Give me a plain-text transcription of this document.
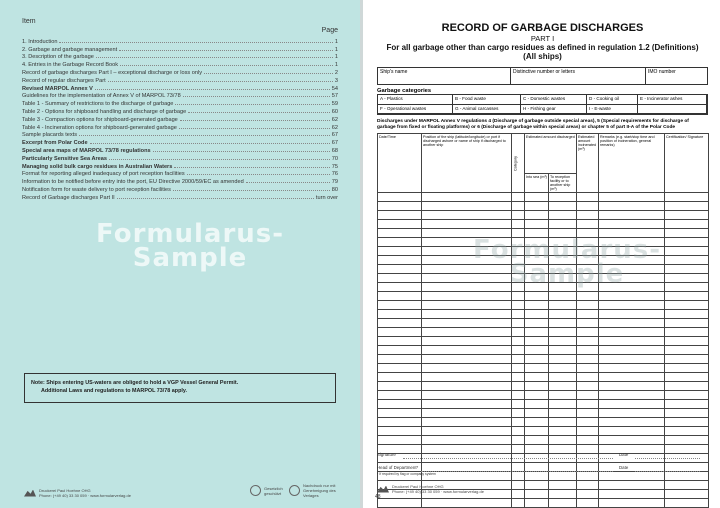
Item
Page
1. Introduction	1
2. Garbage and garbage management	1
3. Description of the garbage	1
4. Entries in the Garbage Record Book	1
Record of garbage discharges Part I – exceptional discharge or loss only	2
Record of regular discharges Part	3
Revised MARPOL Annex V	54
Guidelines for the implementation of Annex V of MARPOL 73/78	57
Table 1 - Summary of restrictions to the discharge of garbage	59
Table 2 - Options for shipboard handling and discharge of garbage	60
Table 3 - Compaction options for shipboard-generated garbage	62
Table 4 - Incineration options for shipboard-generated garbage	62
Sample placards texts	67
Excerpt from Polar Code	67
Special area maps of MARPOL 73/78 regulations	68
Particularly Sensitive Sea Areas	70
Managing solid bulk cargo residues in Australian Waters	75
Format for reporting alleged inadequacy of port reception facilities	76
Information to be notified before entry into the port, EU Directive 2000/59/EC as amended	79
Notification form for waste delivery to port reception facilities	80
Record of Garbage discharges Part II	turn over
Formularus-
Sample
Note: Ships entering US-waters are obliged to hold a VGP Vessel General Permit.
Additional Laws and regulations to MARPOL 73/78 apply.
Druckerei Paul Hoehne OHG
Phone: (+49 40) 33 30 059 · www.formularverlag.de
Gesetzlich geschützt
Nachdruck nur mit Genehmigung des Verlages
RECORD OF GARBAGE DISCHARGES
PART I
For all garbage other than cargo residues as defined in regulation 1.2 (Definitions)
(All ships)
Ship's name	Distinctive number or letters	IMO number
Garbage categories
A - Plastics	B - Food waste	C - Domestic wastes	D - Cooking oil	E - Incinerator ashes
F - Operational wastes	G - Animal carcasses	H - Fishing gear	I - E-waste
Discharges under MARPOL Annex V regulations 4 (Discharge of garbage outside special areas), 5 (Special requirements for discharge of garbage from fixed or floating platforms) or 6 (Discharge of garbage within special areas) or chapter 5 of part II-A of the Polar Code
Date/Time	Position of the ship (latitude/longitude) or port if discharged ashore or name of ship if discharged to another ship	Category	Estimated amount discharged		Estimated amount incinerated (m³)	Remarks (e.g. start/stop time and position of incineration, general remarks)	Certification/ Signature	
			Into sea (m³)	To reception facility or to another ship (m³)				

Formularus-
Sample
Signature	Date
Head of Department*	Date
* If required by flag or company system
Druckerei Paul Hoehne OHG
Phone: (+49 40) 33 30 059 · www.formularverlag.de
48
